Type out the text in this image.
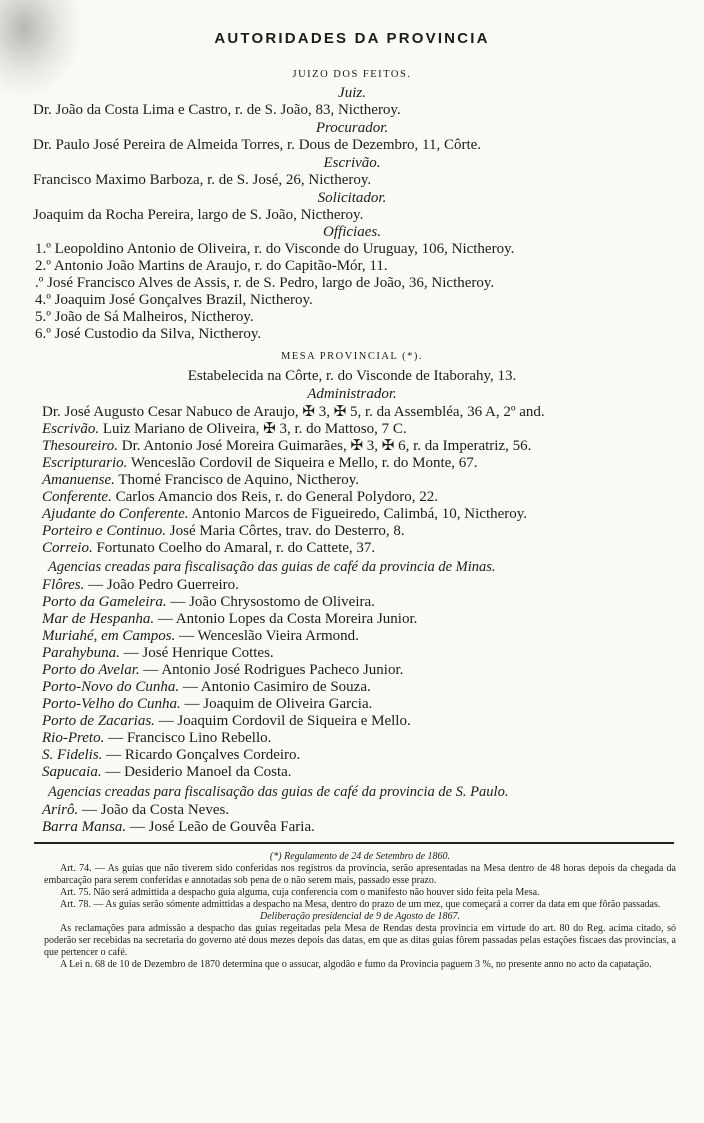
AUTORIDADES DA PROVINCIA
JUIZO DOS FEITOS.
Juiz.
Dr. João da Costa Lima e Castro, r. de S. João, 83, Nictheroy.
Procurador.
Dr. Paulo José Pereira de Almeida Torres, r. Dous de Dezembro, 11, Côrte.
Escrivão.
Francisco Maximo Barboza, r. de S. José, 26, Nictheroy.
Solicitador.
Joaquim da Rocha Pereira, largo de S. João, Nictheroy.
Officiaes.
1.º Leopoldino Antonio de Oliveira, r. do Visconde do Uruguay, 106, Nictheroy.
2.º Antonio João Martins de Araujo, r. do Capitão-Mór, 11.
.º José Francisco Alves de Assis, r. de S. Pedro, largo de João, 36, Nictheroy.
4.º Joaquim José Gonçalves Brazil, Nictheroy.
5.º João de Sá Malheiros, Nictheroy.
6.º José Custodio da Silva, Nictheroy.
MESA PROVINCIAL (*).
Estabelecida na Côrte, r. do Visconde de Itaborahy, 13.
Administrador.
Dr. José Augusto Cesar Nabuco de Araujo, ✠ 3, ✠ 5, r. da Assembléa, 36 A, 2º and.
Escrivão. Luiz Mariano de Oliveira, ✠ 3, r. do Mattoso, 7 C.
Thesoureiro. Dr. Antonio José Moreira Guimarães, ✠ 3, ✠ 6, r. da Imperatriz, 56.
Escripturario. Wenceslão Cordovil de Siqueira e Mello, r. do Monte, 67.
Amanuense. Thomé Francisco de Aquino, Nictheroy.
Conferente. Carlos Amancio dos Reis, r. do General Polydoro, 22.
Ajudante do Conferente. Antonio Marcos de Figueiredo, Calimbá, 10, Nictheroy.
Porteiro e Continuo. José Maria Côrtes, trav. do Desterro, 8.
Correio. Fortunato Coelho do Amaral, r. do Cattete, 37.
Agencias creadas para fiscalisação das guias de café da provincia de Minas.
Flôres. — João Pedro Guerreiro.
Porto da Gameleira. — João Chrysostomo de Oliveira.
Mar de Hespanha. — Antonio Lopes da Costa Moreira Junior.
Muriahé, em Campos. — Wenceslão Vieira Armond.
Parahybuna. — José Henrique Cottes.
Porto do Avelar. — Antonio José Rodrigues Pacheco Junior.
Porto-Novo do Cunha. — Antonio Casimiro de Souza.
Porto-Velho do Cunha. — Joaquim de Oliveira Garcia.
Porto de Zacarias. — Joaquim Cordovil de Siqueira e Mello.
Rio-Preto. — Francisco Lino Rebello.
S. Fidelis. — Ricardo Gonçalves Cordeiro.
Sapucaia. — Desiderio Manoel da Costa.
Agencias creadas para fiscalisação das guias de café da provincia de S. Paulo.
Arirô. — João da Costa Neves.
Barra Mansa. — José Leão de Gouvêa Faria.

(*) Regulamento de 24 de Setembro de 1860.

Art. 74. — As guias que não tiverem sido conferidas nos registros da provincia, serão apresentadas na Mesa dentro de 48 horas depois da chegada da embarcação para serem conferidas e annotadas sob pena de o não serem mais, passado esse prazo.

Art. 75. Não será admittida a despacho guia alguma, cuja conferencia com o manifesto não houver sido feita pela Mesa.

Art. 78. — As guias serão sómente admittidas a despacho na Mesa, dentro do prazo de um mez, que começará a correr da data em que fôrão passadas.

Deliberação presidencial de 9 de Agosto de 1867.

As reclamações para admissão a despacho das guias regeitadas pela Mesa de Rendas desta provincia em virtude do art. 80 do Reg. acima citado, só poderão ser recebidas na secretaria do governo até dous mezes depois das datas, em que as ditas guias fôrem passadas pelas estações fiscaes das provincias, a que pertencer o café.

A Lei n. 68 de 10 de Dezembro de 1870 determina que o assucar, algodão e fumo da Provincia paguem 3 %, no presente anno no acto da capatação.
